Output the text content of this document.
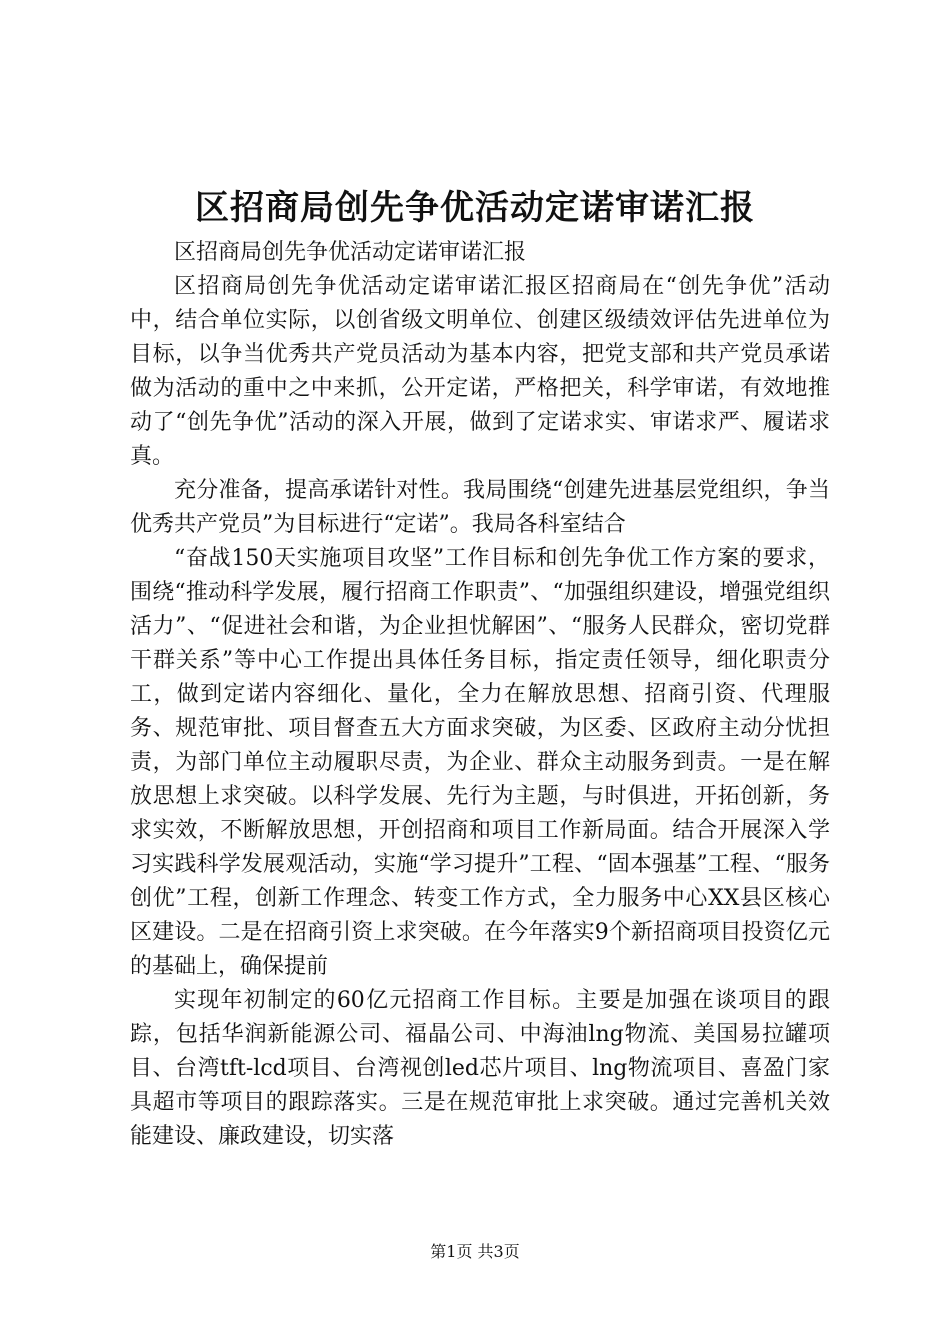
区招商局创先争优活动定诺审诺汇报

区招商局创先争优活动定诺审诺汇报

区招商局创先争优活动定诺审诺汇报区招商局在“创先争优”活动中，结合单位实际，以创省级文明单位、创建区级绩效评估先进单位为目标，以争当优秀共产党员活动为基本内容，把党支部和共产党员承诺做为活动的重中之中来抓，公开定诺，严格把关，科学审诺，有效地推动了“创先争优”活动的深入开展，做到了定诺求实、审诺求严、履诺求真。

充分准备，提高承诺针对性。我局围绕“创建先进基层党组织，争当优秀共产党员”为目标进行“定诺”。我局各科室结合

“奋战150天实施项目攻坚”工作目标和创先争优工作方案的要求，围绕“推动科学发展，履行招商工作职责”、“加强组织建设，增强党组织活力”、“促进社会和谐，为企业担忧解困”、“服务人民群众，密切党群干群关系”等中心工作提出具体任务目标，指定责任领导，细化职责分工，做到定诺内容细化、量化，全力在解放思想、招商引资、代理服务、规范审批、项目督查五大方面求突破，为区委、区政府主动分忧担责，为部门单位主动履职尽责，为企业、群众主动服务到责。一是在解放思想上求突破。以科学发展、先行为主题，与时俱进，开拓创新，务求实效，不断解放思想，开创招商和项目工作新局面。结合开展深入学习实践科学发展观活动，实施“学习提升”工程、“固本强基”工程、“服务创优”工程，创新工作理念、转变工作方式，全力服务中心XX县区核心区建设。二是在招商引资上求突破。在今年落实9个新招商项目投资亿元的基础上，确保提前

实现年初制定的60亿元招商工作目标。主要是加强在谈项目的跟踪，包括华润新能源公司、福晶公司、中海油lng物流、美国易拉罐项目、台湾tft-lcd项目、台湾视创led芯片项目、lng物流项目、喜盈门家具超市等项目的跟踪落实。三是在规范审批上求突破。通过完善机关效能建设、廉政建设，切实落

第1页 共3页
